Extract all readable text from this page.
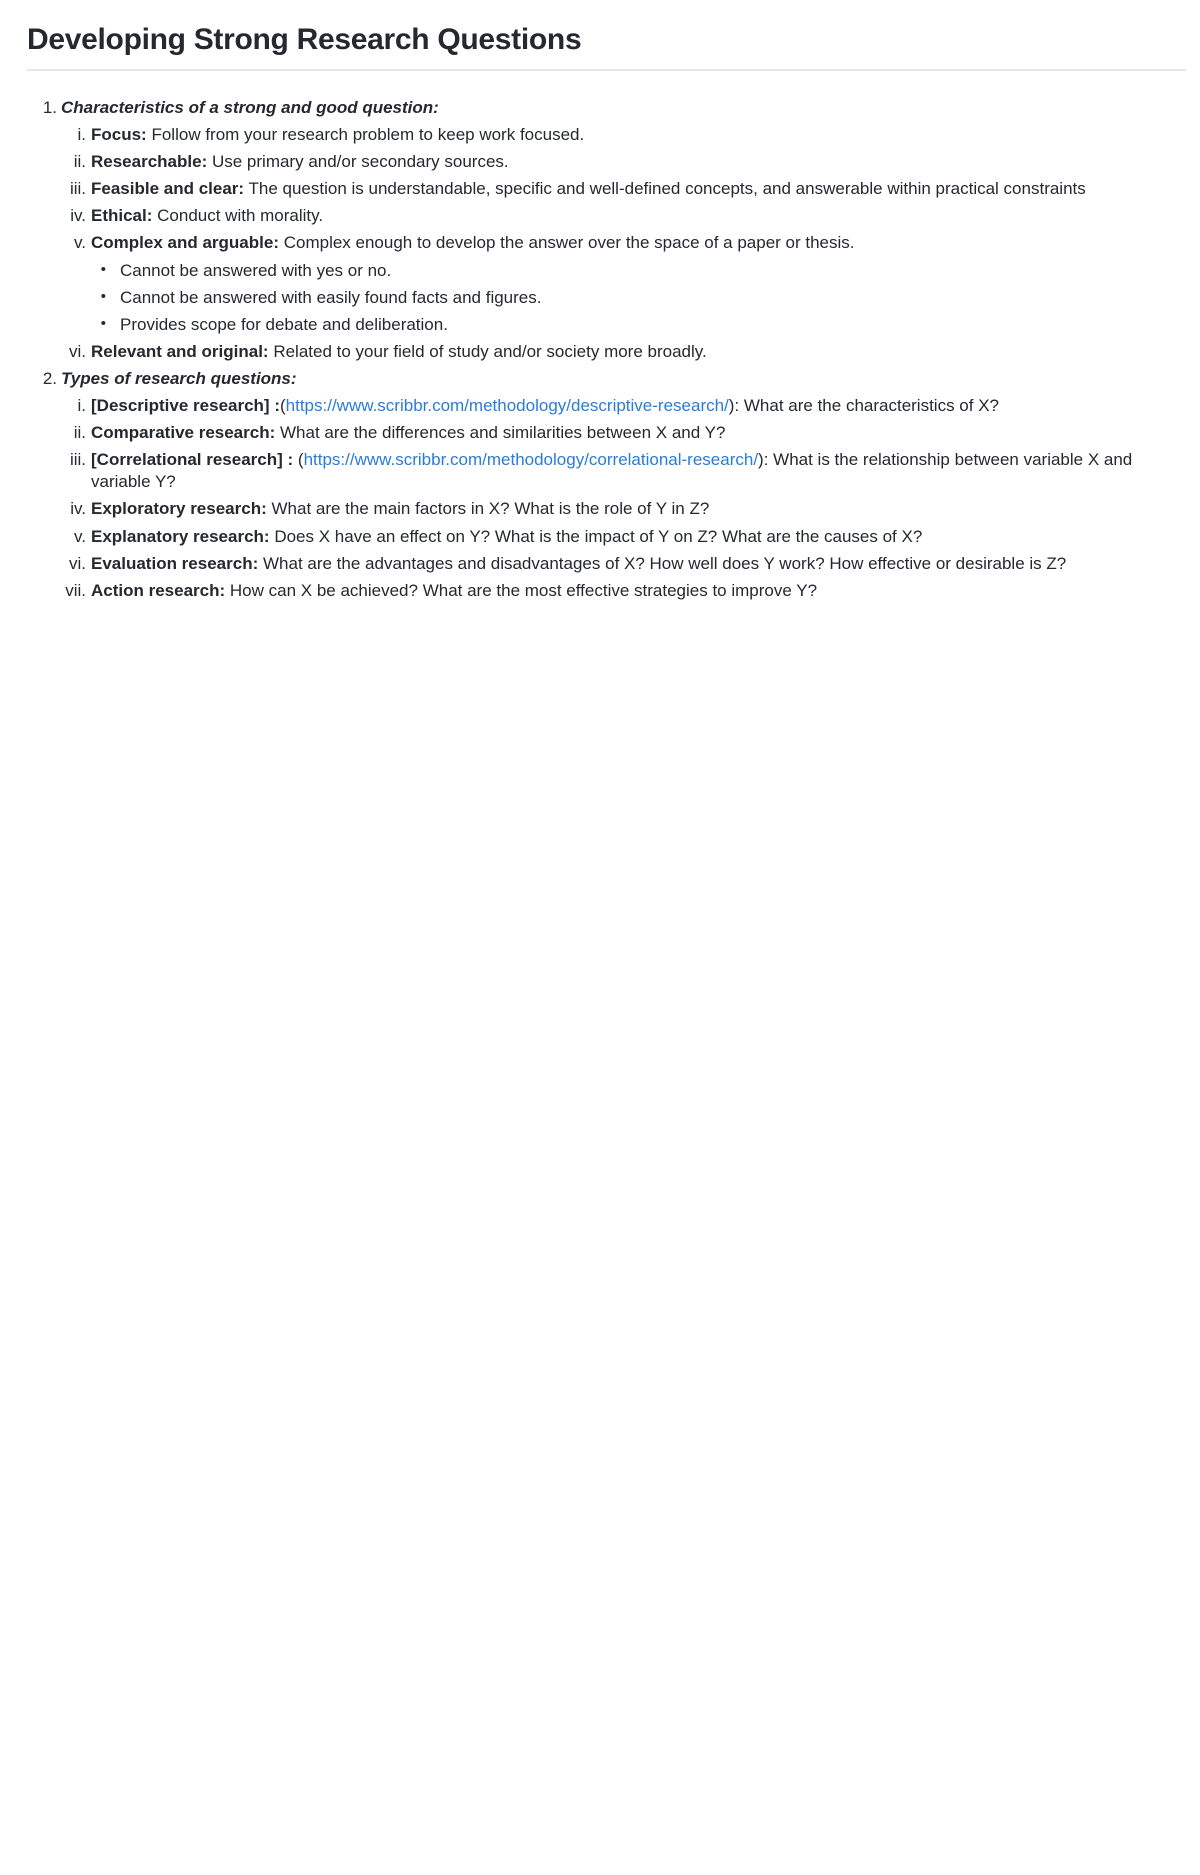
Developing Strong Research Questions
1. Characteristics of a strong and good question:
i. Focus: Follow from your research problem to keep work focused.
ii. Researchable: Use primary and/or secondary sources.
iii. Feasible and clear: The question is understandable, specific and well-defined concepts, and answerable within practical constraints
iv. Ethical: Conduct with morality.
v. Complex and arguable: Complex enough to develop the answer over the space of a paper or thesis.
• Cannot be answered with yes or no.
• Cannot be answered with easily found facts and figures.
• Provides scope for debate and deliberation.
vi. Relevant and original: Related to your field of study and/or society more broadly.
2. Types of research questions:
i. [Descriptive research] :(https://www.scribbr.com/methodology/descriptive-research/): What are the characteristics of X?
ii. Comparative research: What are the differences and similarities between X and Y?
iii. [Correlational research] : (https://www.scribbr.com/methodology/correlational-research/): What is the relationship between variable X and variable Y?
iv. Exploratory research: What are the main factors in X? What is the role of Y in Z?
v. Explanatory research: Does X have an effect on Y? What is the impact of Y on Z? What are the causes of X?
vi. Evaluation research: What are the advantages and disadvantages of X? How well does Y work? How effective or desirable is Z?
vii. Action research: How can X be achieved? What are the most effective strategies to improve Y?
